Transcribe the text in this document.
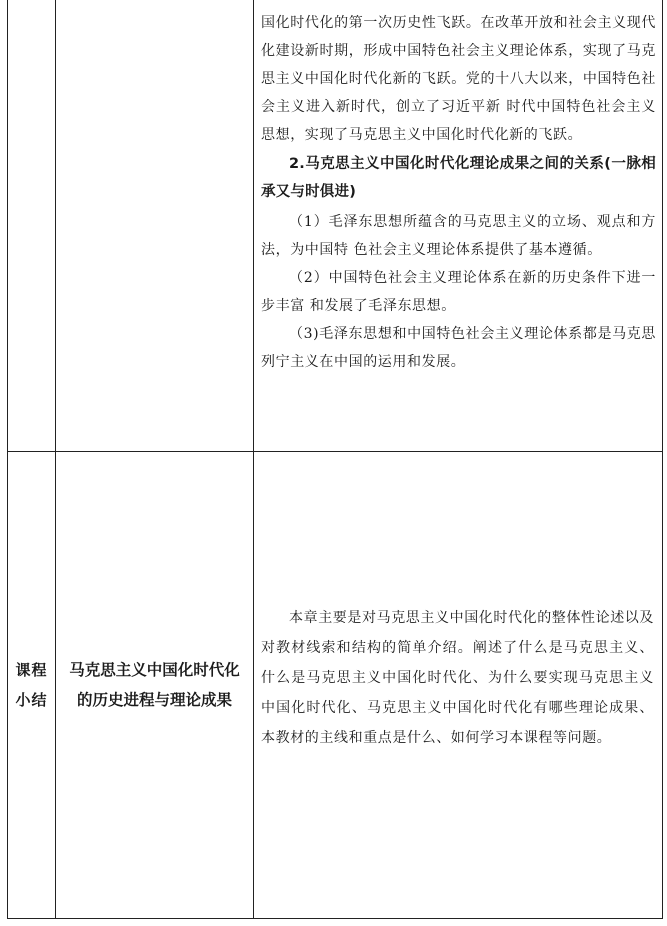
		国化时代化的第一次历史性飞跃。在改革开放和社会主义现代化建设新时期，形成中国特色社会主义理论体系，实现了马克思主义中国化时代化新的飞跃。党的十八大以来，中国特色社会主义进入新时代，创立了习近平新 时代中国特色社会主义思想，实现了马克思主义中国化时代化新的飞跃。

2.马克思主义中国化时代化理论成果之间的关系(一脉相承又与时俱进)

（1）毛泽东思想所蕴含的马克思主义的立场、观点和方法，为中国特 色社会主义理论体系提供了基本遵循。

（2）中国特色社会主义理论体系在新的历史条件下进一步丰富 和发展了毛泽东思想。

（3)毛泽东思想和中国特色社会主义理论体系都是马克思列宁主义在中国的运用和发展。

课程小结	马克思主义中国化时代化的历史进程与理论成果	本章主要是对马克思主义中国化时代化的整体性论述以及对教材线索和结构的简单介绍。阐述了什么是马克思主义、什么是马克思主义中国化时代化、为什么要实现马克思主义中国化时代化、马克思主义中国化时代化有哪些理论成果、本教材的主线和重点是什么、如何学习本课程等问题。
